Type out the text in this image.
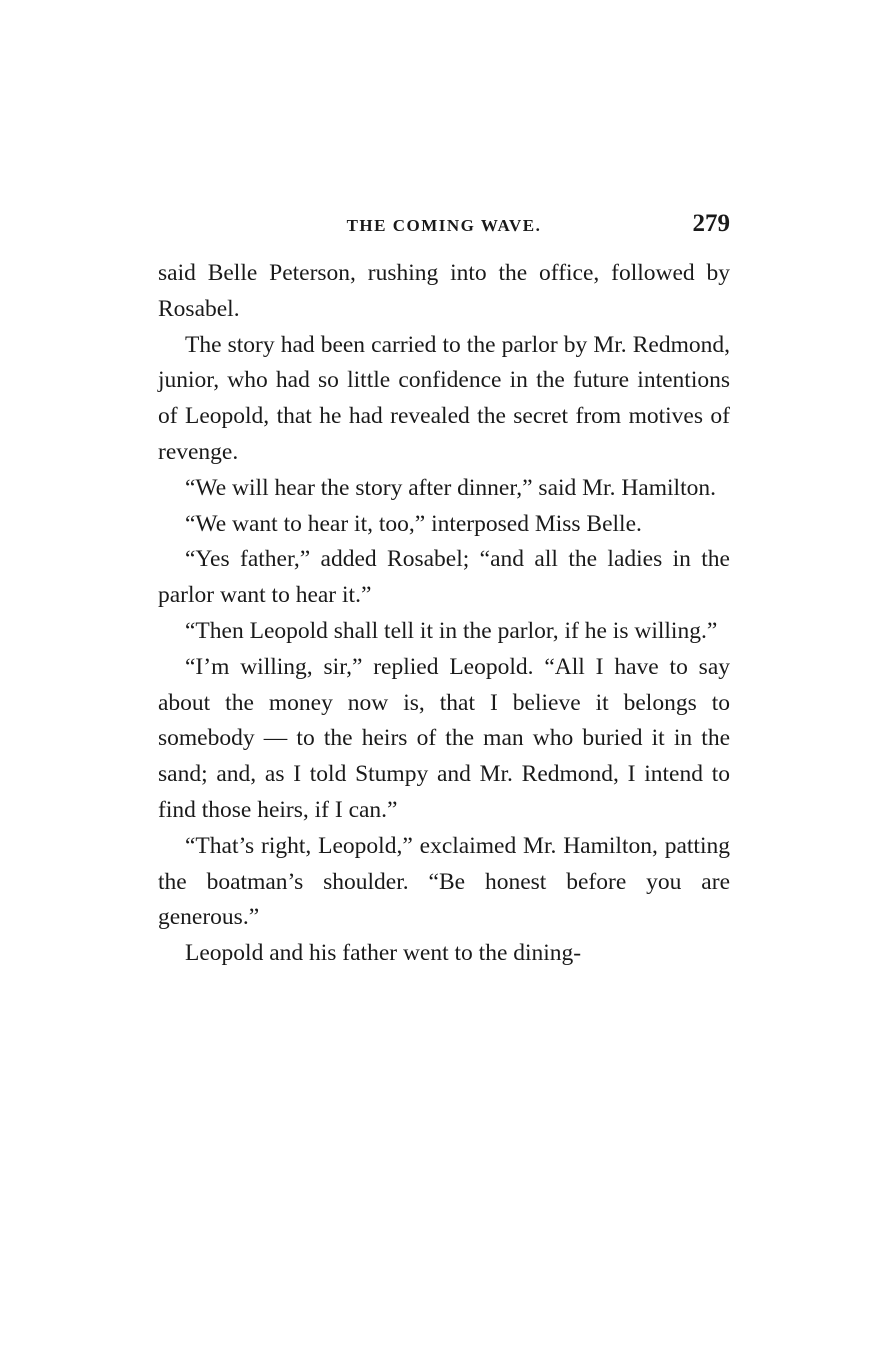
THE COMING WAVE.	279

said Belle Peterson, rushing into the office, followed by Rosabel.

The story had been carried to the parlor by Mr. Redmond, junior, who had so little confidence in the future intentions of Leopold, that he had revealed the secret from motives of revenge.

“We will hear the story after dinner,” said Mr. Hamilton.

“We want to hear it, too,” interposed Miss Belle.

“Yes father,” added Rosabel; “and all the ladies in the parlor want to hear it.”

“Then Leopold shall tell it in the parlor, if he is willing.”

“I’m willing, sir,” replied Leopold. “All I have to say about the money now is, that I believe it belongs to somebody — to the heirs of the man who buried it in the sand; and, as I told Stumpy and Mr. Redmond, I intend to find those heirs, if I can.”

“That’s right, Leopold,” exclaimed Mr. Hamilton, patting the boatman’s shoulder. “Be honest before you are generous.”

Leopold and his father went to the dining-
